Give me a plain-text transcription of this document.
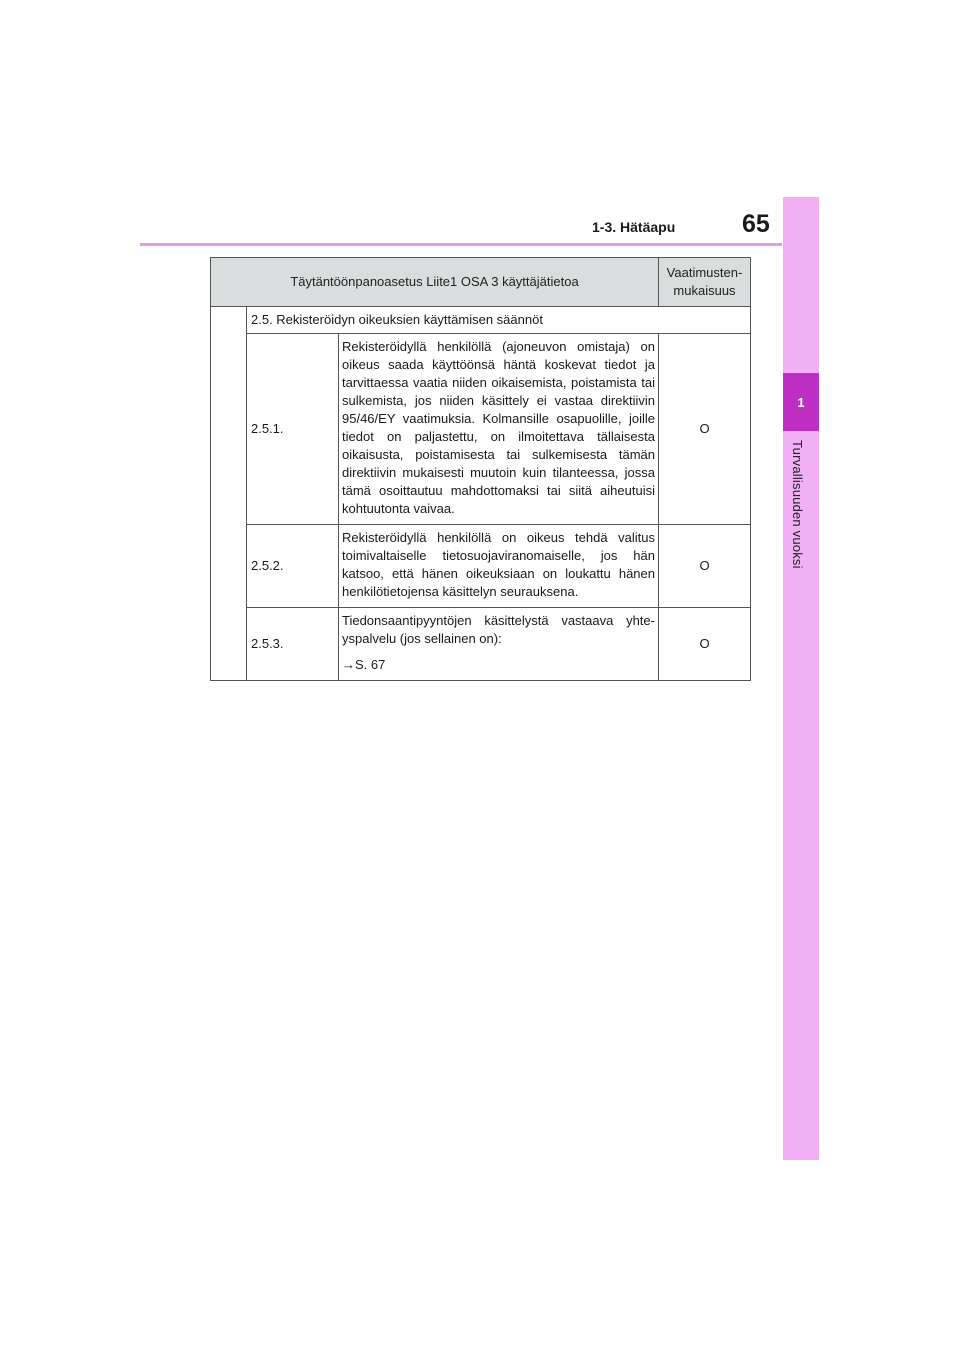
65
1-3. Hätäapu
1
Turvallisuuden vuoksi
Täytäntöönpanoasetus Liite1 OSA 3 käyttäjätietoa			Vaatimusten-mukaisuus
	2.5. Rekisteröidyn oikeuksien käyttämisen säännöt		
	2.5.1.	Rekisteröidyllä henkilöllä (ajoneuvon omistaja) on oikeus saada käyttöönsä häntä koskevat tiedot ja tarvittaessa vaatia niiden oikaisemista, poistamista tai sulkemista, jos niiden käsittely ei vastaa direktiivin 95/46/EY vaatimuksia. Kolmansille osapuolille, joille tiedot on paljastettu, on ilmoitettava tällaisesta oikaisusta, poistamisesta tai sulkemisesta tämän direktiivin mukaisesti muutoin kuin tilanteessa, jossa tämä osoittautuu mahdottomaksi tai siitä aiheutuisi kohtuutonta vaivaa.	O
	2.5.2.	Rekisteröidyllä henkilöllä on oikeus tehdä valitus toimivaltaiselle tietosuojaviranomaiselle, jos hän katsoo, että hänen oikeuksiaan on loukattu hänen henkilötietojensa käsittelyn seurauksena.	O
	2.5.3.	Tiedonsaantipyyntöjen käsittelystä vastaava yhteyspalvelu (jos sellainen on):
→S. 67	O
